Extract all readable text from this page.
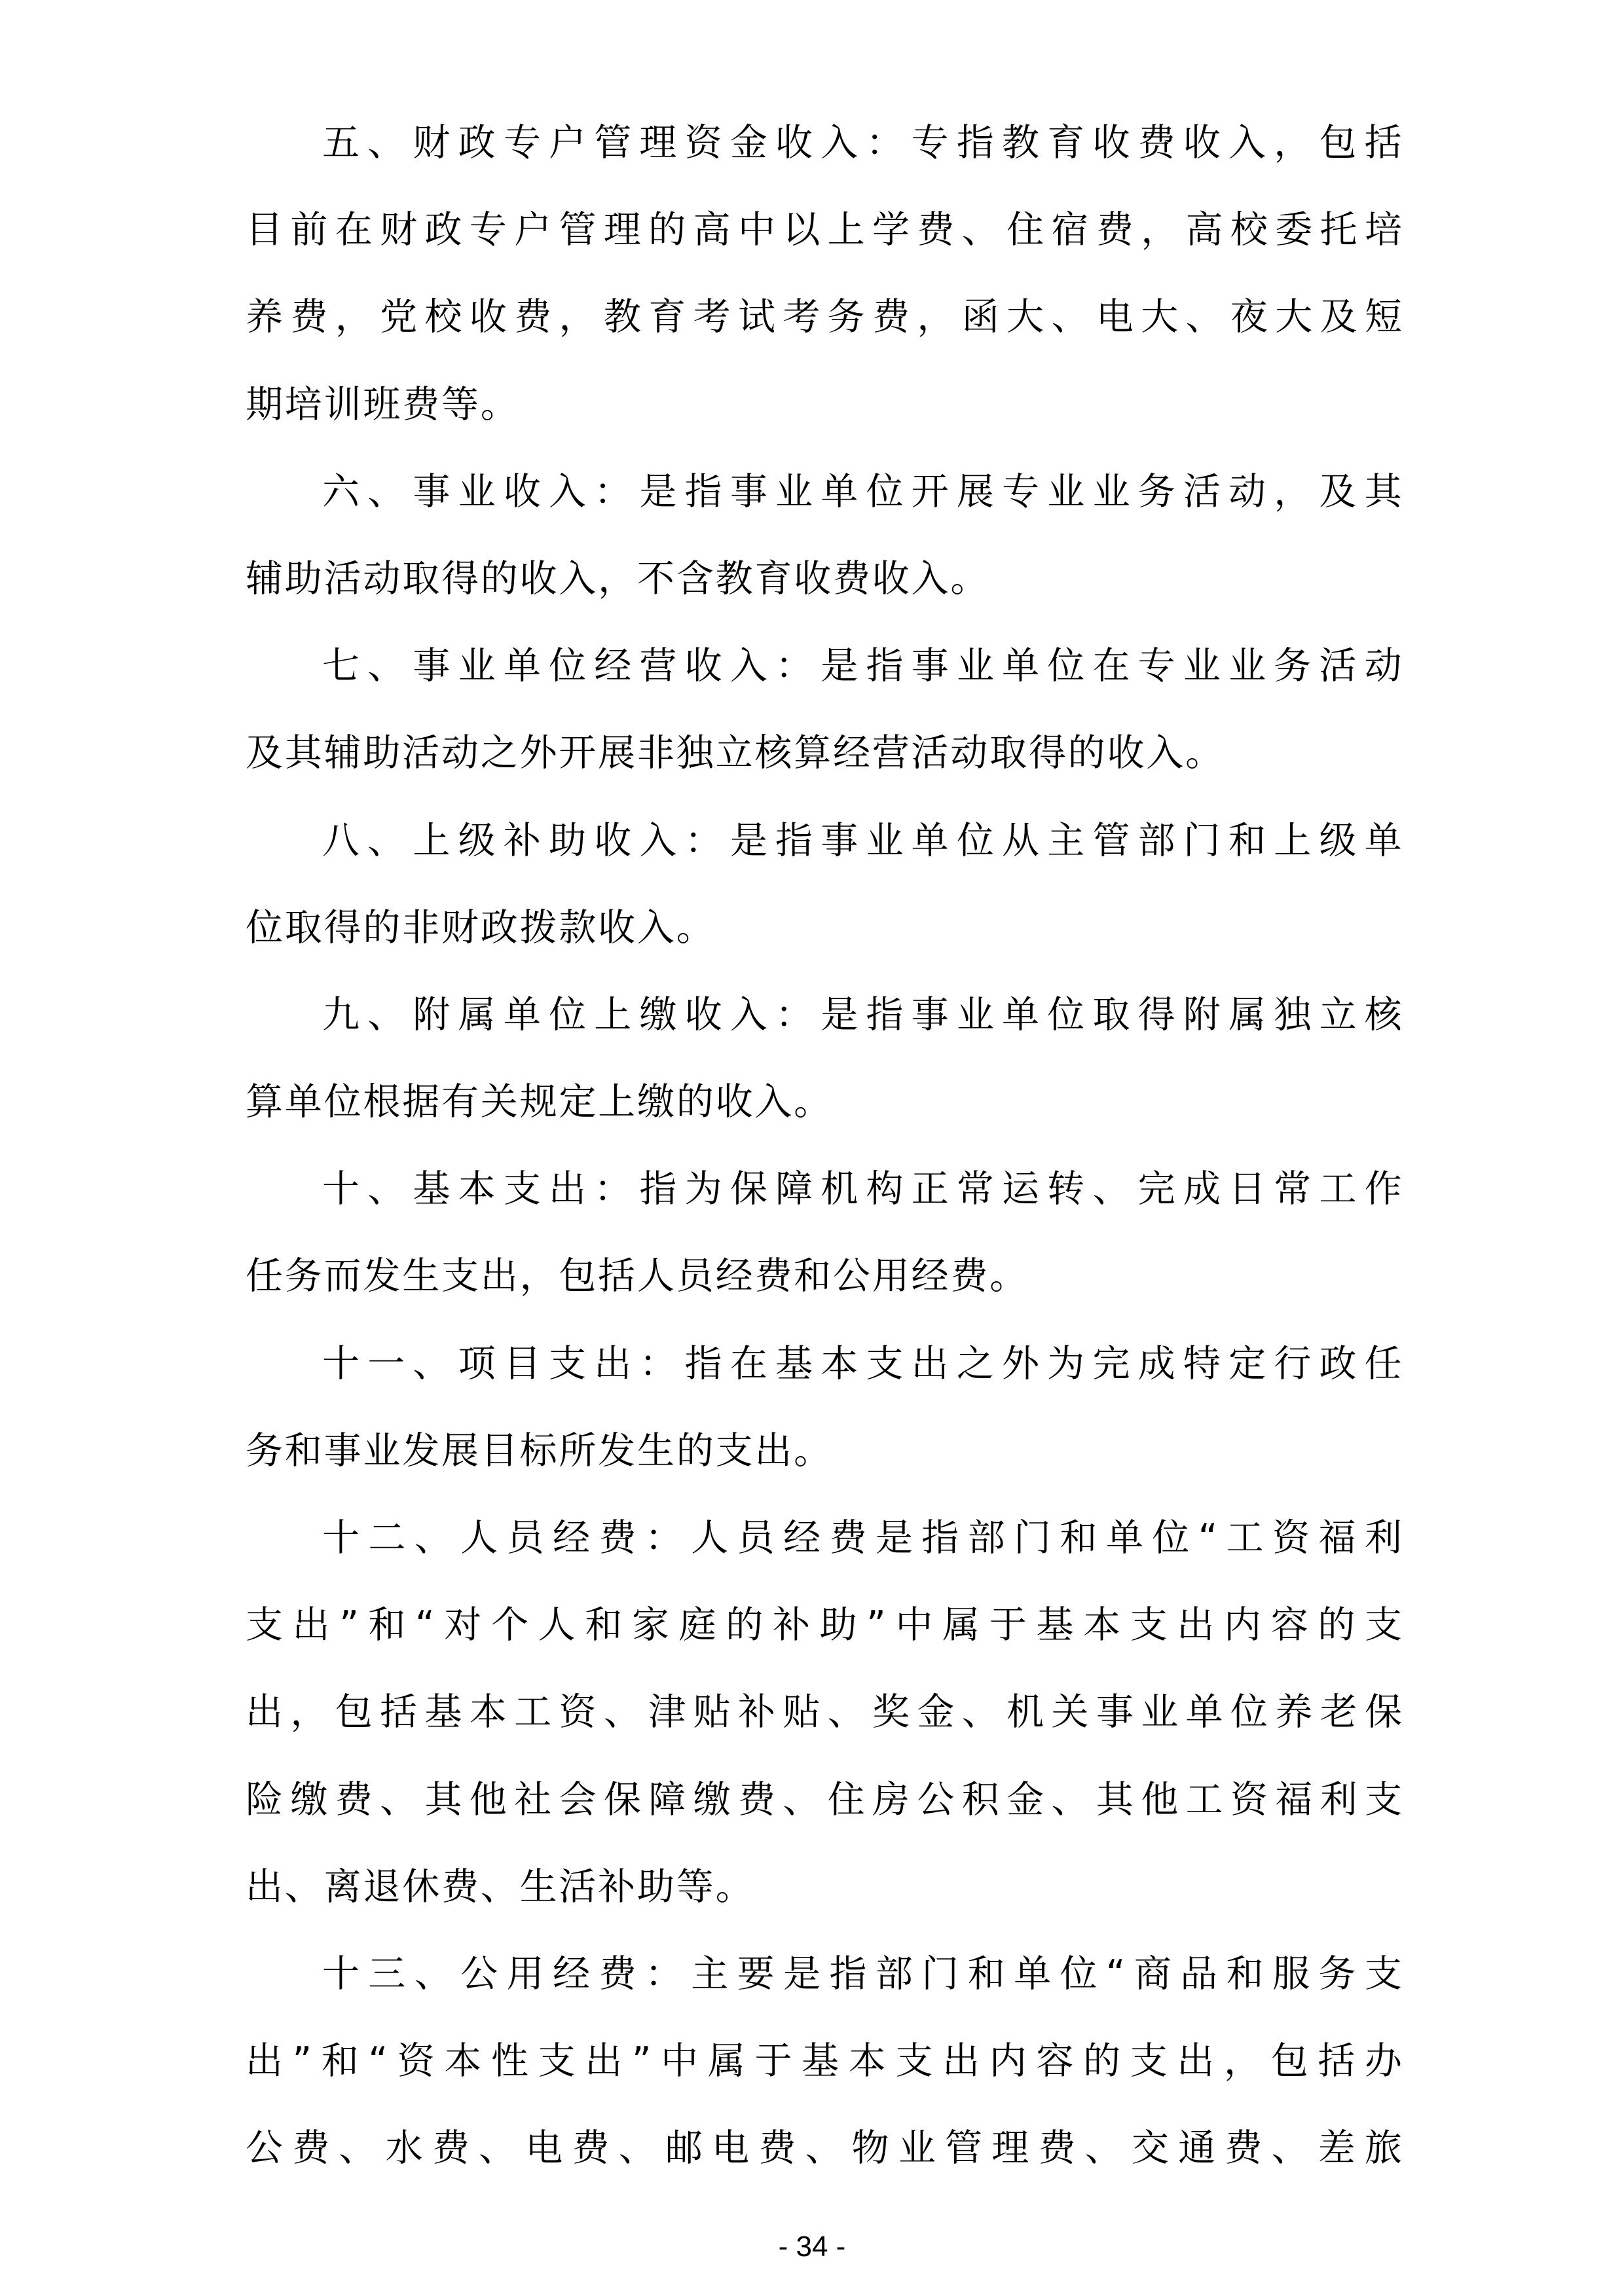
五 、 财 政 专 户 管 理 资 金 收 入 ： 专 指 教 育 收 费 收 入 ， 包 括
目 前 在 财 政 专 户 管 理 的 高 中 以 上 学 费 、 住 宿 费 ， 高 校 委 托 培
养 费 ， 党 校 收 费 ， 教 育 考 试 考 务 费 ， 函 大 、 电 大 、 夜 大 及 短
期 培 训 班 费 等 。
六 、 事 业 收 入 ： 是 指 事 业 单 位 开 展 专 业 业 务 活 动 ， 及 其
辅 助 活 动 取 得 的 收 入 ， 不 含 教 育 收 费 收 入 。
七 、 事 业 单 位 经 营 收 入 ： 是 指 事 业 单 位 在 专 业 业 务 活 动
及 其 辅 助 活 动 之 外 开 展 非 独 立 核 算 经 营 活 动 取 得 的 收 入 。
八 、 上 级 补 助 收 入 ： 是 指 事 业 单 位 从 主 管 部 门 和 上 级 单
位 取 得 的 非 财 政 拨 款 收 入 。
九 、 附 属 单 位 上 缴 收 入 ： 是 指 事 业 单 位 取 得 附 属 独 立 核
算 单 位 根 据 有 关 规 定 上 缴 的 收 入 。
十 、 基 本 支 出 ： 指 为 保 障 机 构 正 常 运 转 、 完 成 日 常 工 作
任 务 而 发 生 支 出 ， 包 括 人 员 经 费 和 公 用 经 费 。
十 一 、 项 目 支 出 ： 指 在 基 本 支 出 之 外 为 完 成 特 定 行 政 任
务 和 事 业 发 展 目 标 所 发 生 的 支 出 。
十 二 、 人 员 经 费 ： 人 员 经 费 是 指 部 门 和 单 位 “ 工 资 福 利
支 出 ” 和 “ 对 个 人 和 家 庭 的 补 助 ” 中 属 于 基 本 支 出 内 容 的 支
出 ， 包 括 基 本 工 资 、 津 贴 补 贴 、 奖 金 、 机 关 事 业 单 位 养 老 保
险 缴 费 、 其 他 社 会 保 障 缴 费 、 住 房 公 积 金 、 其 他 工 资 福 利 支
出 、 离 退 休 费 、 生 活 补 助 等 。
十 三 、 公 用 经 费 ： 主 要 是 指 部 门 和 单 位 “ 商 品 和 服 务 支
出 ” 和 “ 资 本 性 支 出 ” 中 属 于 基 本 支 出 内 容 的 支 出 ， 包 括 办
公 费 、 水 费 、 电 费 、 邮 电 费 、 物 业 管 理 费 、 交 通 费 、 差 旅
- 34 -
